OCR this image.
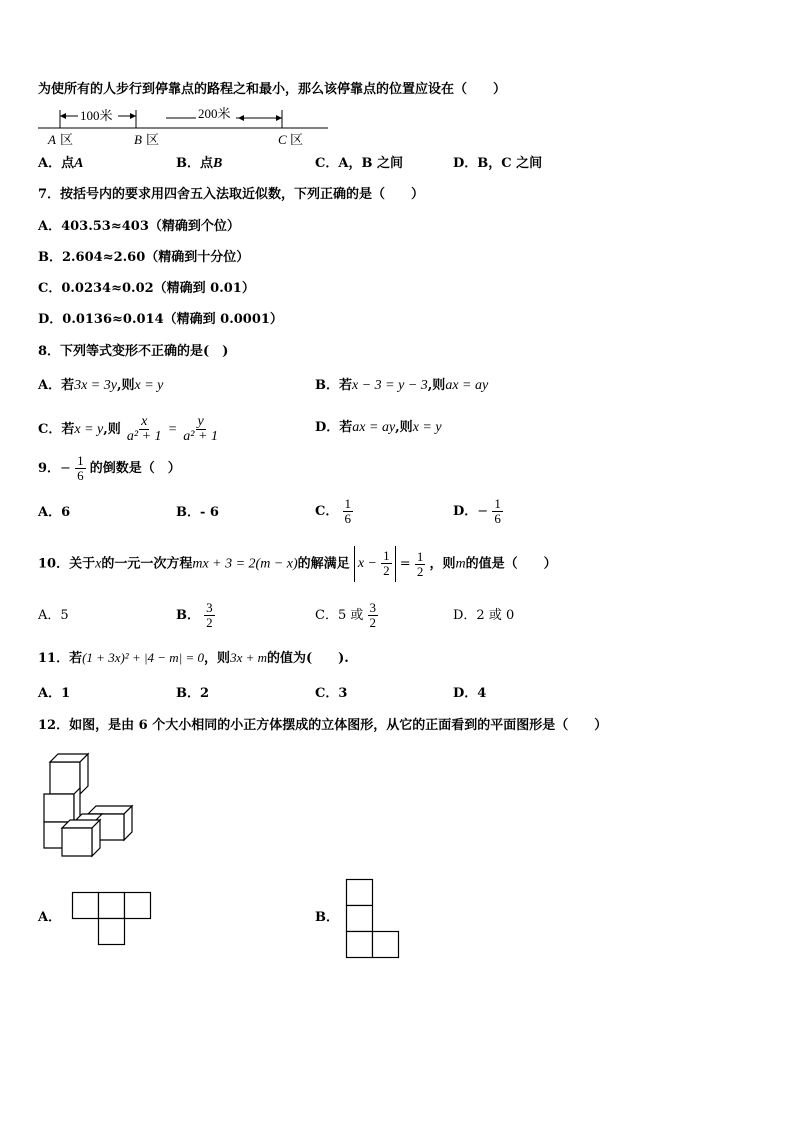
为使所有的人步行到停靠点的路程之和最小，那么该停靠点的位置应设在（　　）
100米	200米
A 区	B 区	C 区
A．点A	B．点B	C．A，B 之间	D．B，C 之间
7．按括号内的要求用四舍五入法取近似数，下列正确的是（　　）
A．403.53≈403（精确到个位）
B．2.604≈2.60（精确到十分位）
C．0.0234≈0.02（精确到 0.01）
D．0.0136≈0.014（精确到 0.0001）
8．下列等式变形不正确的是(　)
A．若3x = 3y,则x = y	B．若x − 3 = y − 3,则ax = ay
C．若x = y,则 $\frac{x}{\text{a² + 1}} = \frac{y}{\text{a² + 1}}$	D．若ax = ay,则x = y
9．− $\frac{1}{6}$ 的倒数是（　）
A．6	B．- 6	C． $\frac{1}{6}$	D．− $\frac{1}{6}$
10．关于x的一元一次方程mx + 3 = 2(m − x)的解满足 $x - \frac{1}{2} = \frac{1}{2}$ ，则m的值是（　　）
A．5	B． $\frac{3}{2}$	C．5 或 $\frac{3}{2}$	D．2 或 0
11．若(1 + 3x)² + |4 − m| = 0，则3x + m的值为(　　).
A．1	B．2	C．3	D．4
12．如图，是由 6 个大小相同的小正方体摆成的立体图形，从它的正面看到的平面图形是（　　）
A．	B．
